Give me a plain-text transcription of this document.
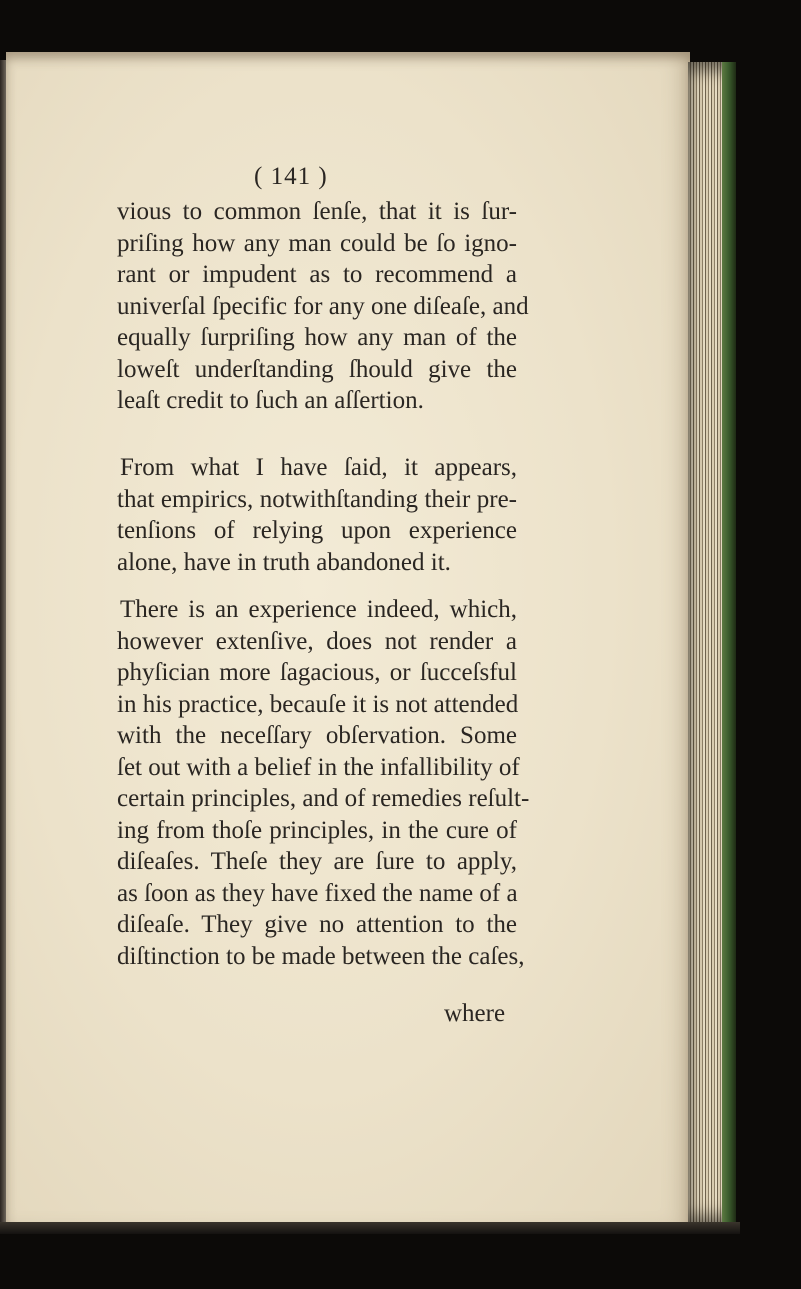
( 141 )
vious to common ſenſe, that it is ſur-
priſing how any man could be ſo igno-
rant or impudent as to recommend a
univerſal ſpecific for any one diſeaſe, and
equally ſurpriſing how any man of the
loweſt underſtanding ſhould give the
leaſt credit to ſuch an aſſertion.
From what I have ſaid, it appears,
that empirics, notwithſtanding their pre-
tenſions of relying upon experience
alone, have in truth abandoned it.
There is an experience indeed, which,
however extenſive, does not render a
phyſician more ſagacious, or ſucceſsful
in his practice, becauſe it is not attended
with the neceſſary obſervation. Some
ſet out with a belief in the infallibility of
certain principles, and of remedies reſult-
ing from thoſe principles, in the cure of
diſeaſes. Theſe they are ſure to apply,
as ſoon as they have fixed the name of a
diſeaſe. They give no attention to the
diſtinction to be made between the caſes,
where
